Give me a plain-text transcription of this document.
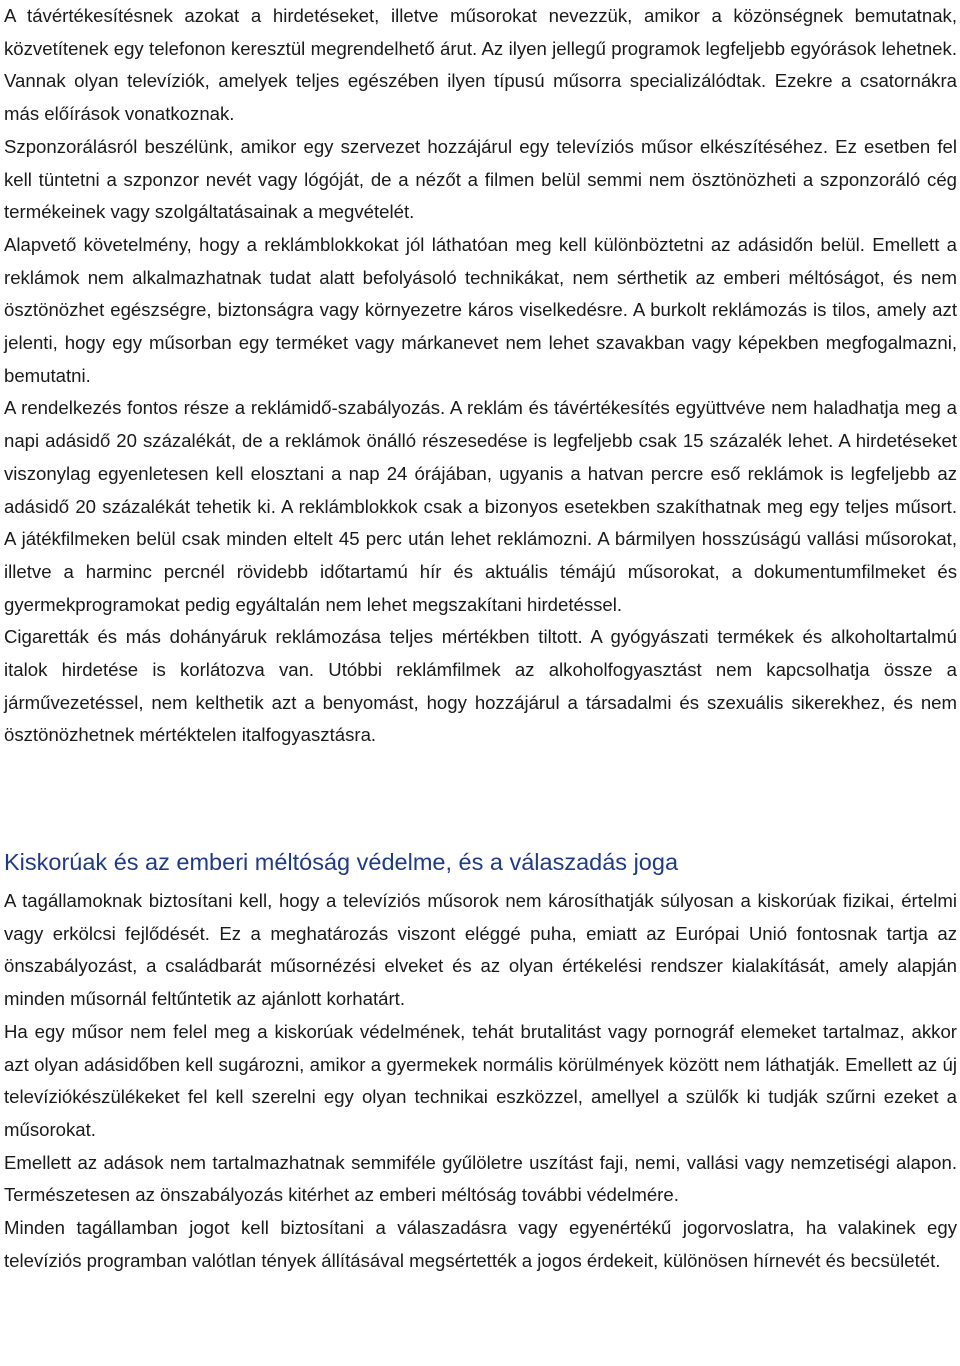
A távértékesítésnek azokat a hirdetéseket, illetve műsorokat nevezzük, amikor a közönségnek bemutatnak, közvetítenek egy telefonon keresztül megrendelhető árut. Az ilyen jellegű programok legfeljebb egyórások lehetnek. Vannak olyan televíziók, amelyek teljes egészében ilyen típusú műsorra specializálódtak. Ezekre a csatornákra más előírások vonatkoznak.

Szponzorálásról beszélünk, amikor egy szervezet hozzájárul egy televíziós műsor elkészítéséhez. Ez esetben fel kell tüntetni a szponzor nevét vagy lógóját, de a nézőt a filmen belül semmi nem ösztönözheti a szponzoráló cég termékeinek vagy szolgáltatásainak a megvételét.

Alapvető követelmény, hogy a reklámblokkokat jól láthatóan meg kell különböztetni az adásidőn belül. Emellett a reklámok nem alkalmazhatnak tudat alatt befolyásoló technikákat, nem sérthetik az emberi méltóságot, és nem ösztönözhet egészségre, biztonságra vagy környezetre káros viselkedésre. A burkolt reklámozás is tilos, amely azt jelenti, hogy egy műsorban egy terméket vagy márkanevet nem lehet szavakban vagy képekben megfogalmazni, bemutatni.

A rendelkezés fontos része a reklámidő-szabályozás. A reklám és távértékesítés együttvéve nem haladhatja meg a napi adásidő 20 százalékát, de a reklámok önálló részesedése is legfeljebb csak 15 százalék lehet. A hirdetéseket viszonylag egyenletesen kell elosztani a nap 24 órájában, ugyanis a hatvan percre eső reklámok is legfeljebb az adásidő 20 százalékát tehetik ki. A reklámblokkok csak a bizonyos esetekben szakíthatnak meg egy teljes műsort. A játékfilmeken belül csak minden eltelt 45 perc után lehet reklámozni. A bármilyen hosszúságú vallási műsorokat, illetve a harminc percnél rövidebb időtartamú hír és aktuális témájú műsorokat, a dokumentumfilmeket és gyermekprogramokat pedig egyáltalán nem lehet megszakítani hirdetéssel.

Cigaretták és más dohányáruk reklámozása teljes mértékben tiltott. A gyógyászati termékek és alkoholtartalmú italok hirdetése is korlátozva van. Utóbbi reklámfilmek az alkoholfogyasztást nem kapcsolhatja össze a járművezetéssel, nem kelthetik azt a benyomást, hogy hozzájárul a társadalmi és szexuális sikerekhez, és nem ösztönözhetnek mértéktelen italfogyasztásra.

Kiskorúak és az emberi méltóság védelme, és a válaszadás joga

A tagállamoknak biztosítani kell, hogy a televíziós műsorok nem károsíthatják súlyosan a kiskorúak fizikai, értelmi vagy erkölcsi fejlődését. Ez a meghatározás viszont eléggé puha, emiatt az Európai Unió fontosnak tartja az önszabályozást, a családbarát műsornézési elveket és az olyan értékelési rendszer kialakítását, amely alapján minden műsornál feltűntetik az ajánlott korhatárt.

Ha egy műsor nem felel meg a kiskorúak védelmének, tehát brutalitást vagy pornográf elemeket tartalmaz, akkor azt olyan adásidőben kell sugározni, amikor a gyermekek normális körülmények között nem láthatják. Emellett az új televíziókészülékeket fel kell szerelni egy olyan technikai eszközzel, amellyel a szülők ki tudják szűrni ezeket a műsorokat.

Emellett az adások nem tartalmazhatnak semmiféle gyűlöletre uszítást faji, nemi, vallási vagy nemzetiségi alapon. Természetesen az önszabályozás kitérhet az emberi méltóság további védelmére.

Minden tagállamban jogot kell biztosítani a válaszadásra vagy egyenértékű jogorvoslatra, ha valakinek egy televíziós programban valótlan tények állításával megsértették a jogos érdekeit, különösen hírnevét és becsületét.
